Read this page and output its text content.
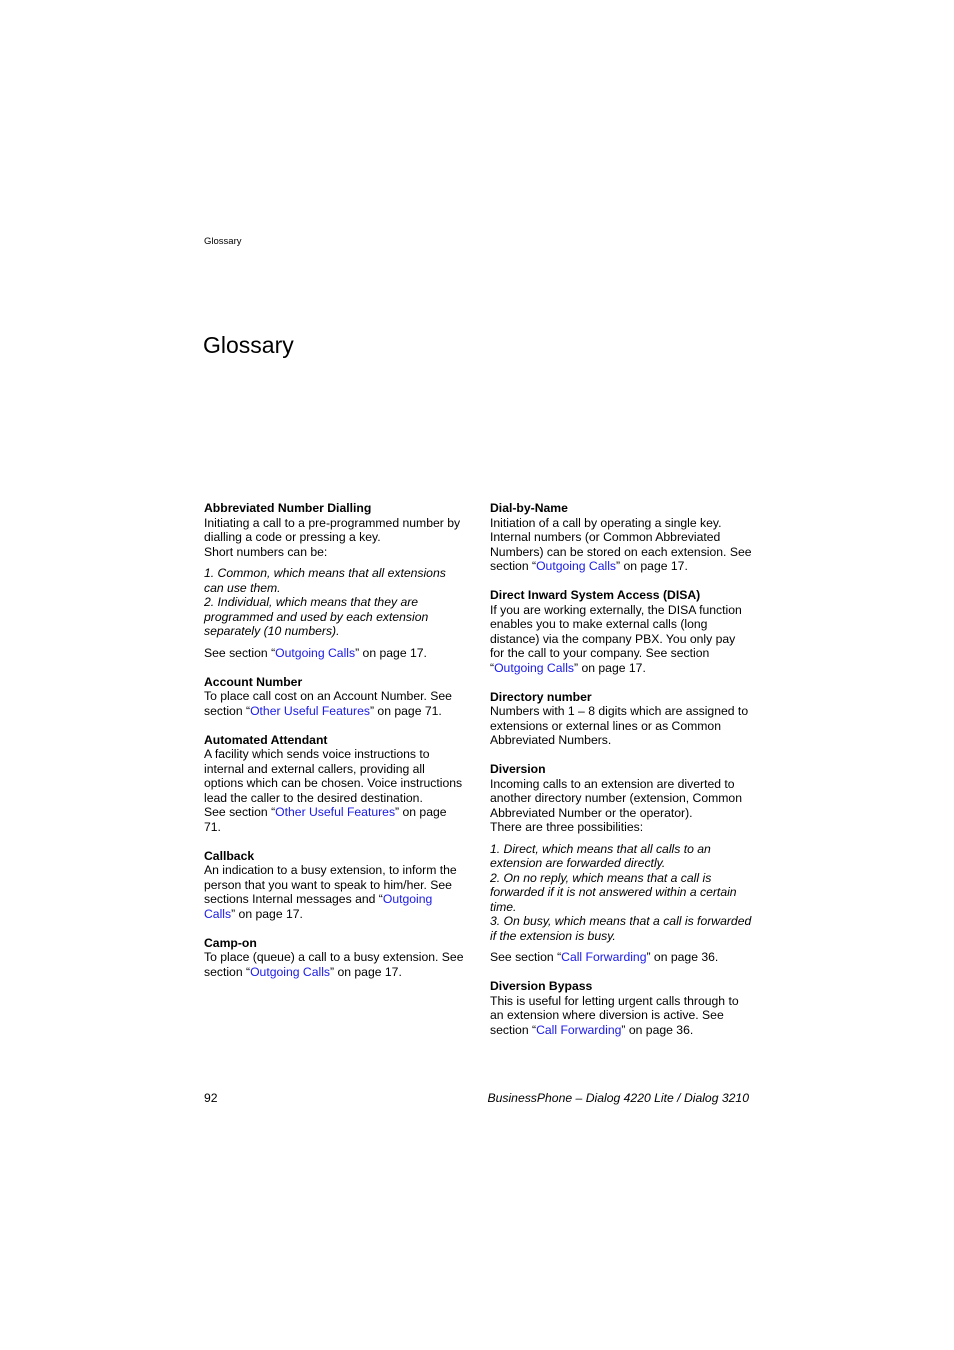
Glossary
Glossary
Abbreviated Number Dialling
Initiating a call to a pre-programmed number by dialling a code or pressing a key.
Short numbers can be:
1. Common, which means that all extensions can use them.
2. Individual, which means that they are programmed and used by each extension separately (10 numbers).
See section “Outgoing Calls” on page 17.
Account Number
To place call cost on an Account Number. See section “Other Useful Features” on page 71.
Automated Attendant
A facility which sends voice instructions to internal and external callers, providing all options which can be chosen. Voice instructions lead the caller to the desired destination.
See section “Other Useful Features” on page 71.
Callback
An indication to a busy extension, to inform the person that you want to speak to him/her. See sections Internal messages and “Outgoing Calls” on page 17.
Camp-on
To place (queue) a call to a busy extension. See section “Outgoing Calls” on page 17.
Dial-by-Name
Initiation of a call by operating a single key. Internal numbers (or Common Abbreviated Numbers) can be stored on each extension. See section “Outgoing Calls” on page 17.
Direct Inward System Access (DISA)
If you are working externally, the DISA function enables you to make external calls (long distance) via the company PBX. You only pay for the call to your company. See section “Outgoing Calls” on page 17.
Directory number
Numbers with 1 – 8 digits which are assigned to extensions or external lines or as Common Abbreviated Numbers.
Diversion
Incoming calls to an extension are diverted to another directory number (extension, Common Abbreviated Number or the operator).
There are three possibilities:
1. Direct, which means that all calls to an extension are forwarded directly.
2. On no reply, which means that a call is forwarded if it is not answered within a certain time.
3. On busy, which means that a call is forwarded if the extension is busy.
See section “Call Forwarding” on page 36.
Diversion Bypass
This is useful for letting urgent calls through to an extension where diversion is active. See section “Call Forwarding” on page 36.
92	BusinessPhone – Dialog 4220 Lite / Dialog 3210
